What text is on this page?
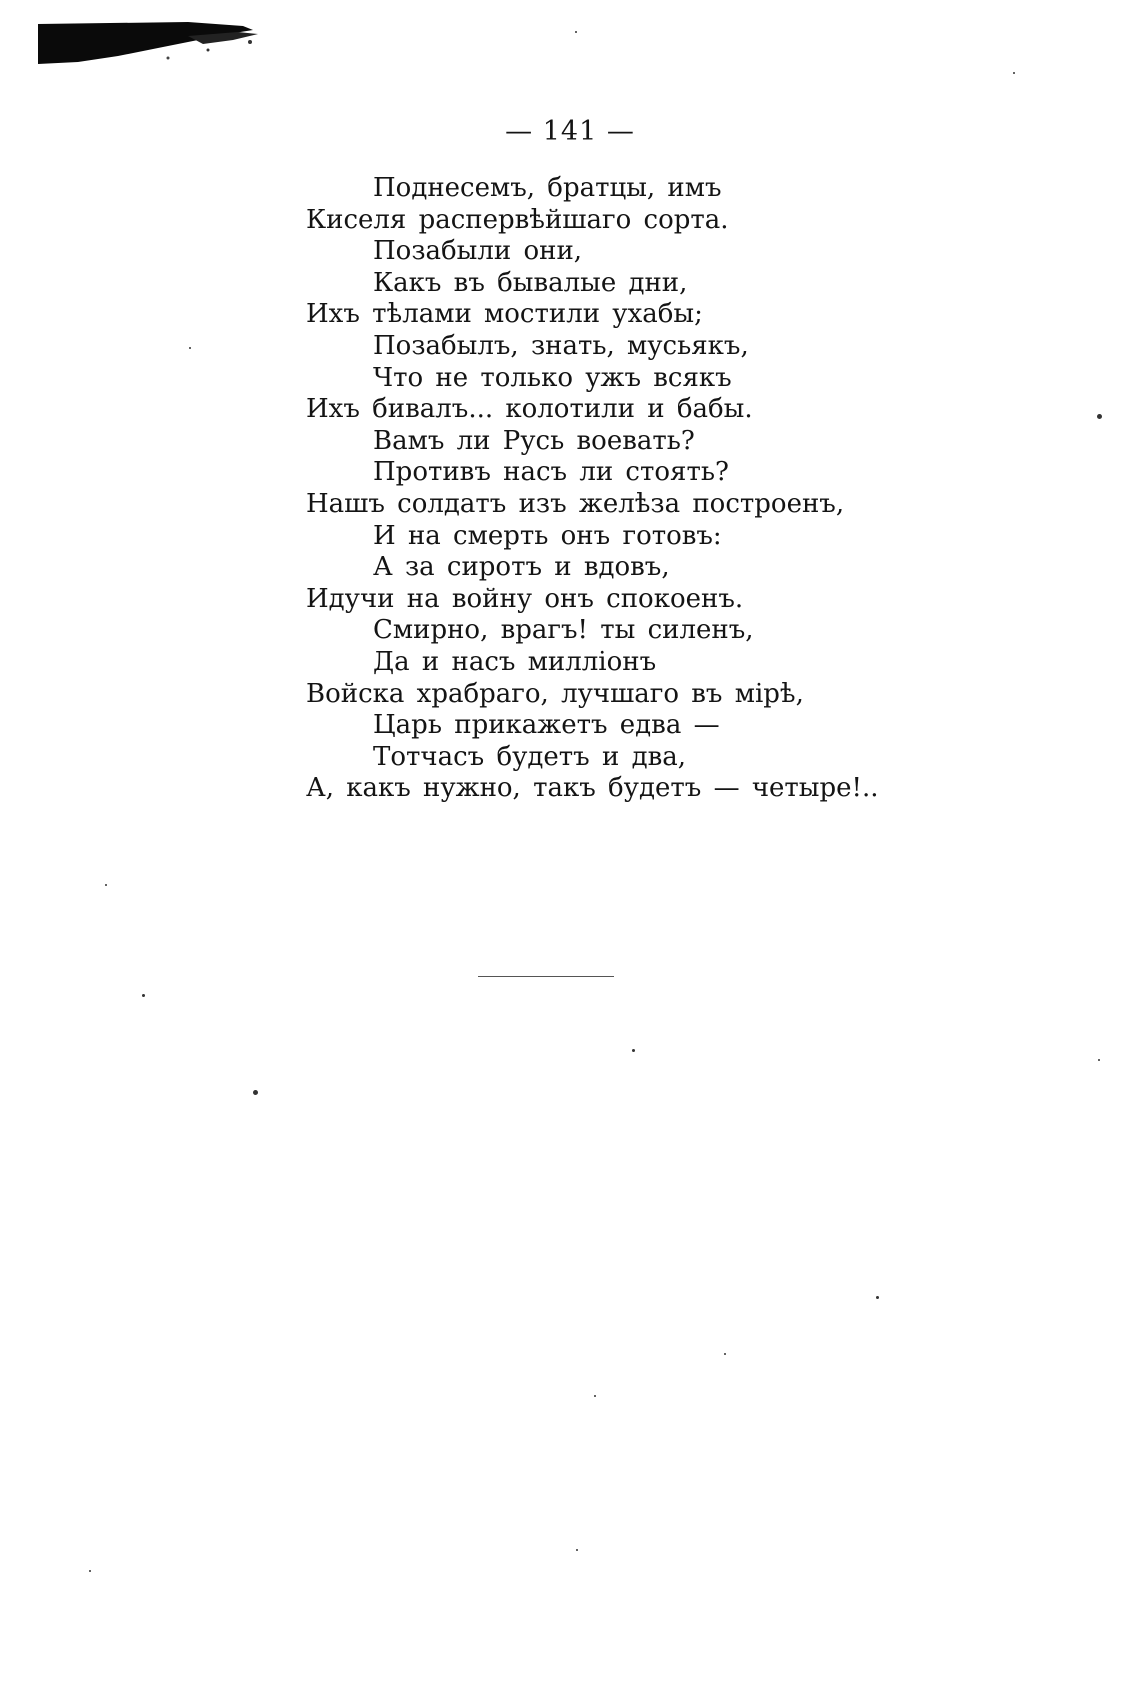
— 141 —
Поднесемъ, братцы, имъ
Киселя распервѣйшаго сорта.
Позабыли они,
Какъ въ бывалые дни,
Ихъ тѣлами мостили ухабы;
Позабылъ, знать, мусьякъ,
Что не только ужъ всякъ
Ихъ бивалъ... колотили и бабы.
Вамъ ли Русь воевать?
Противъ насъ ли стоять?
Нашъ солдатъ изъ желѣза построенъ,
И на смерть онъ готовъ:
А за сиротъ и вдовъ,
Идучи на войну онъ спокоенъ.
Смирно, врагъ! ты силенъ,
Да и насъ милліонъ
Войска храбраго, лучшаго въ мірѣ,
Царь прикажетъ едва —
Тотчасъ будетъ и два,
А, какъ нужно, такъ будетъ — четыре!..
